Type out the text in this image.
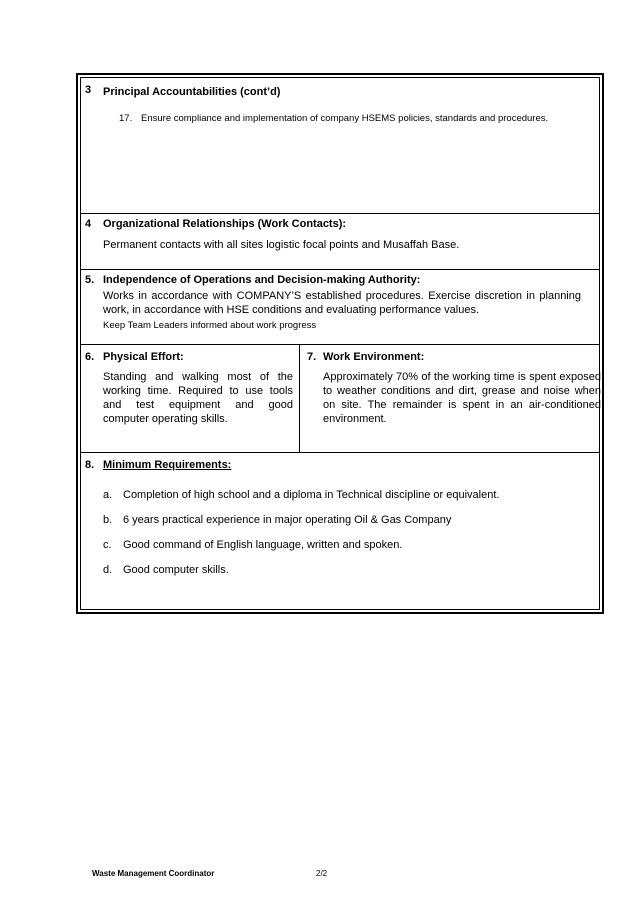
3 Principal Accountabilities (cont’d)
17. Ensure compliance and implementation of company HSEMS policies, standards and procedures.
4 Organizational Relationships (Work Contacts):
Permanent contacts with all sites logistic focal points and Musaffah Base.
5. Independence of Operations and Decision-making Authority:
Works in accordance with COMPANY’S established procedures. Exercise discretion in planning work, in accordance with HSE conditions and evaluating performance values.
Keep Team Leaders informed about work progress
6. Physical Effort:
Standing and walking most of the working time. Required to use tools and test equipment and good computer operating skills.
7. Work Environment:
Approximately 70% of the working time is spent exposed to weather conditions and dirt, grease and noise when on site. The remainder is spent in an air-conditioned environment.
8. Minimum Requirements:
a. Completion of high school and a diploma in Technical discipline or equivalent.
b. 6 years practical experience in major operating Oil & Gas Company
c. Good command of English language, written and spoken.
d. Good computer skills.
Waste Management Coordinator	2/2
